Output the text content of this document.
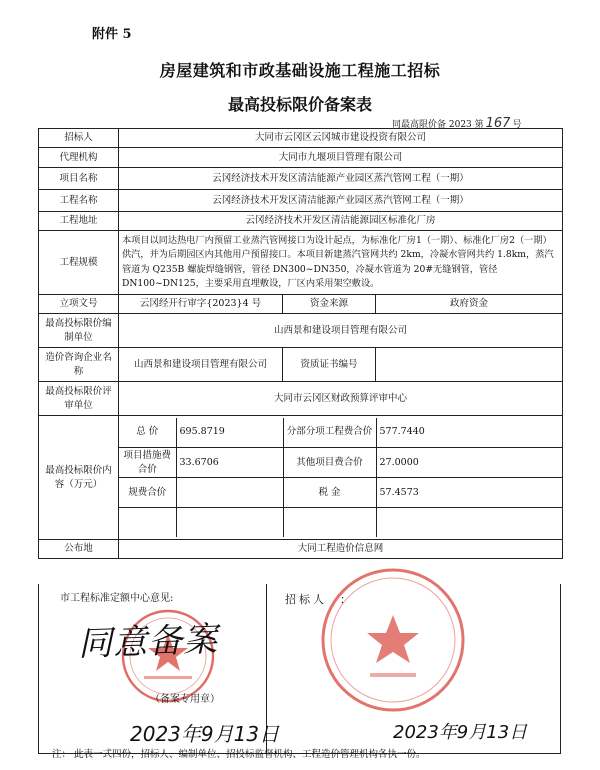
附件 5
房屋建筑和市政基础设施工程施工招标
最高投标限价备案表
同最高限价备 2023 第 167 号
招标人	大同市云冈区云冈城市建设投资有限公司
代理机构	大同市九堰项目管理有限公司
项目名称	云冈经济技术开发区清洁能源产业园区蒸汽管网工程（一期）
工程名称	云冈经济技术开发区清洁能源产业园区蒸汽管网工程（一期）
工程地址	云冈经济技术开发区清洁能源园区标准化厂房
工程规模	本项目以同达热电厂内预留工业蒸汽管网接口为设计起点，为标准化厂房1（一期）、标准化厂房2（一期）供汽，并为后期园区内其他用户预留接口。本项目新建蒸汽管网共约 2km，冷凝水管网共约 1.8km，蒸汽管道为 Q235B 螺旋焊缝钢管，管径 DN300~DN350，冷凝水管道为 20#无缝钢管，管径 DN100~DN125，主要采用直埋敷设，厂区内采用架空敷设。
立项文号	云冈经开行审字{2023}4 号	资金来源	政府资金
最高投标限价编制单位	山西景和建设项目管理有限公司
造价咨询企业名称	山西景和建设项目管理有限公司	资质证书编号	
最高投标限价评审单位	大同市云冈区财政预算评审中心
最高投标限价内容（万元）	
总 价	695.8719	分部分项工程费合价	577.7440
项目措施费合价	33.6706	其他项目费合价	27.0000
规费合价		税 金	57.4573

公布地	大同工程造价信息网
市工程标准定额中心意见:	招标人 ：
同意备案
（备案专用章）
2023年9月13日	2023年9月13日
注： 此表一式四份，招标人、编制单位、招投标监督机构、工程造价管理机构各执一份。
